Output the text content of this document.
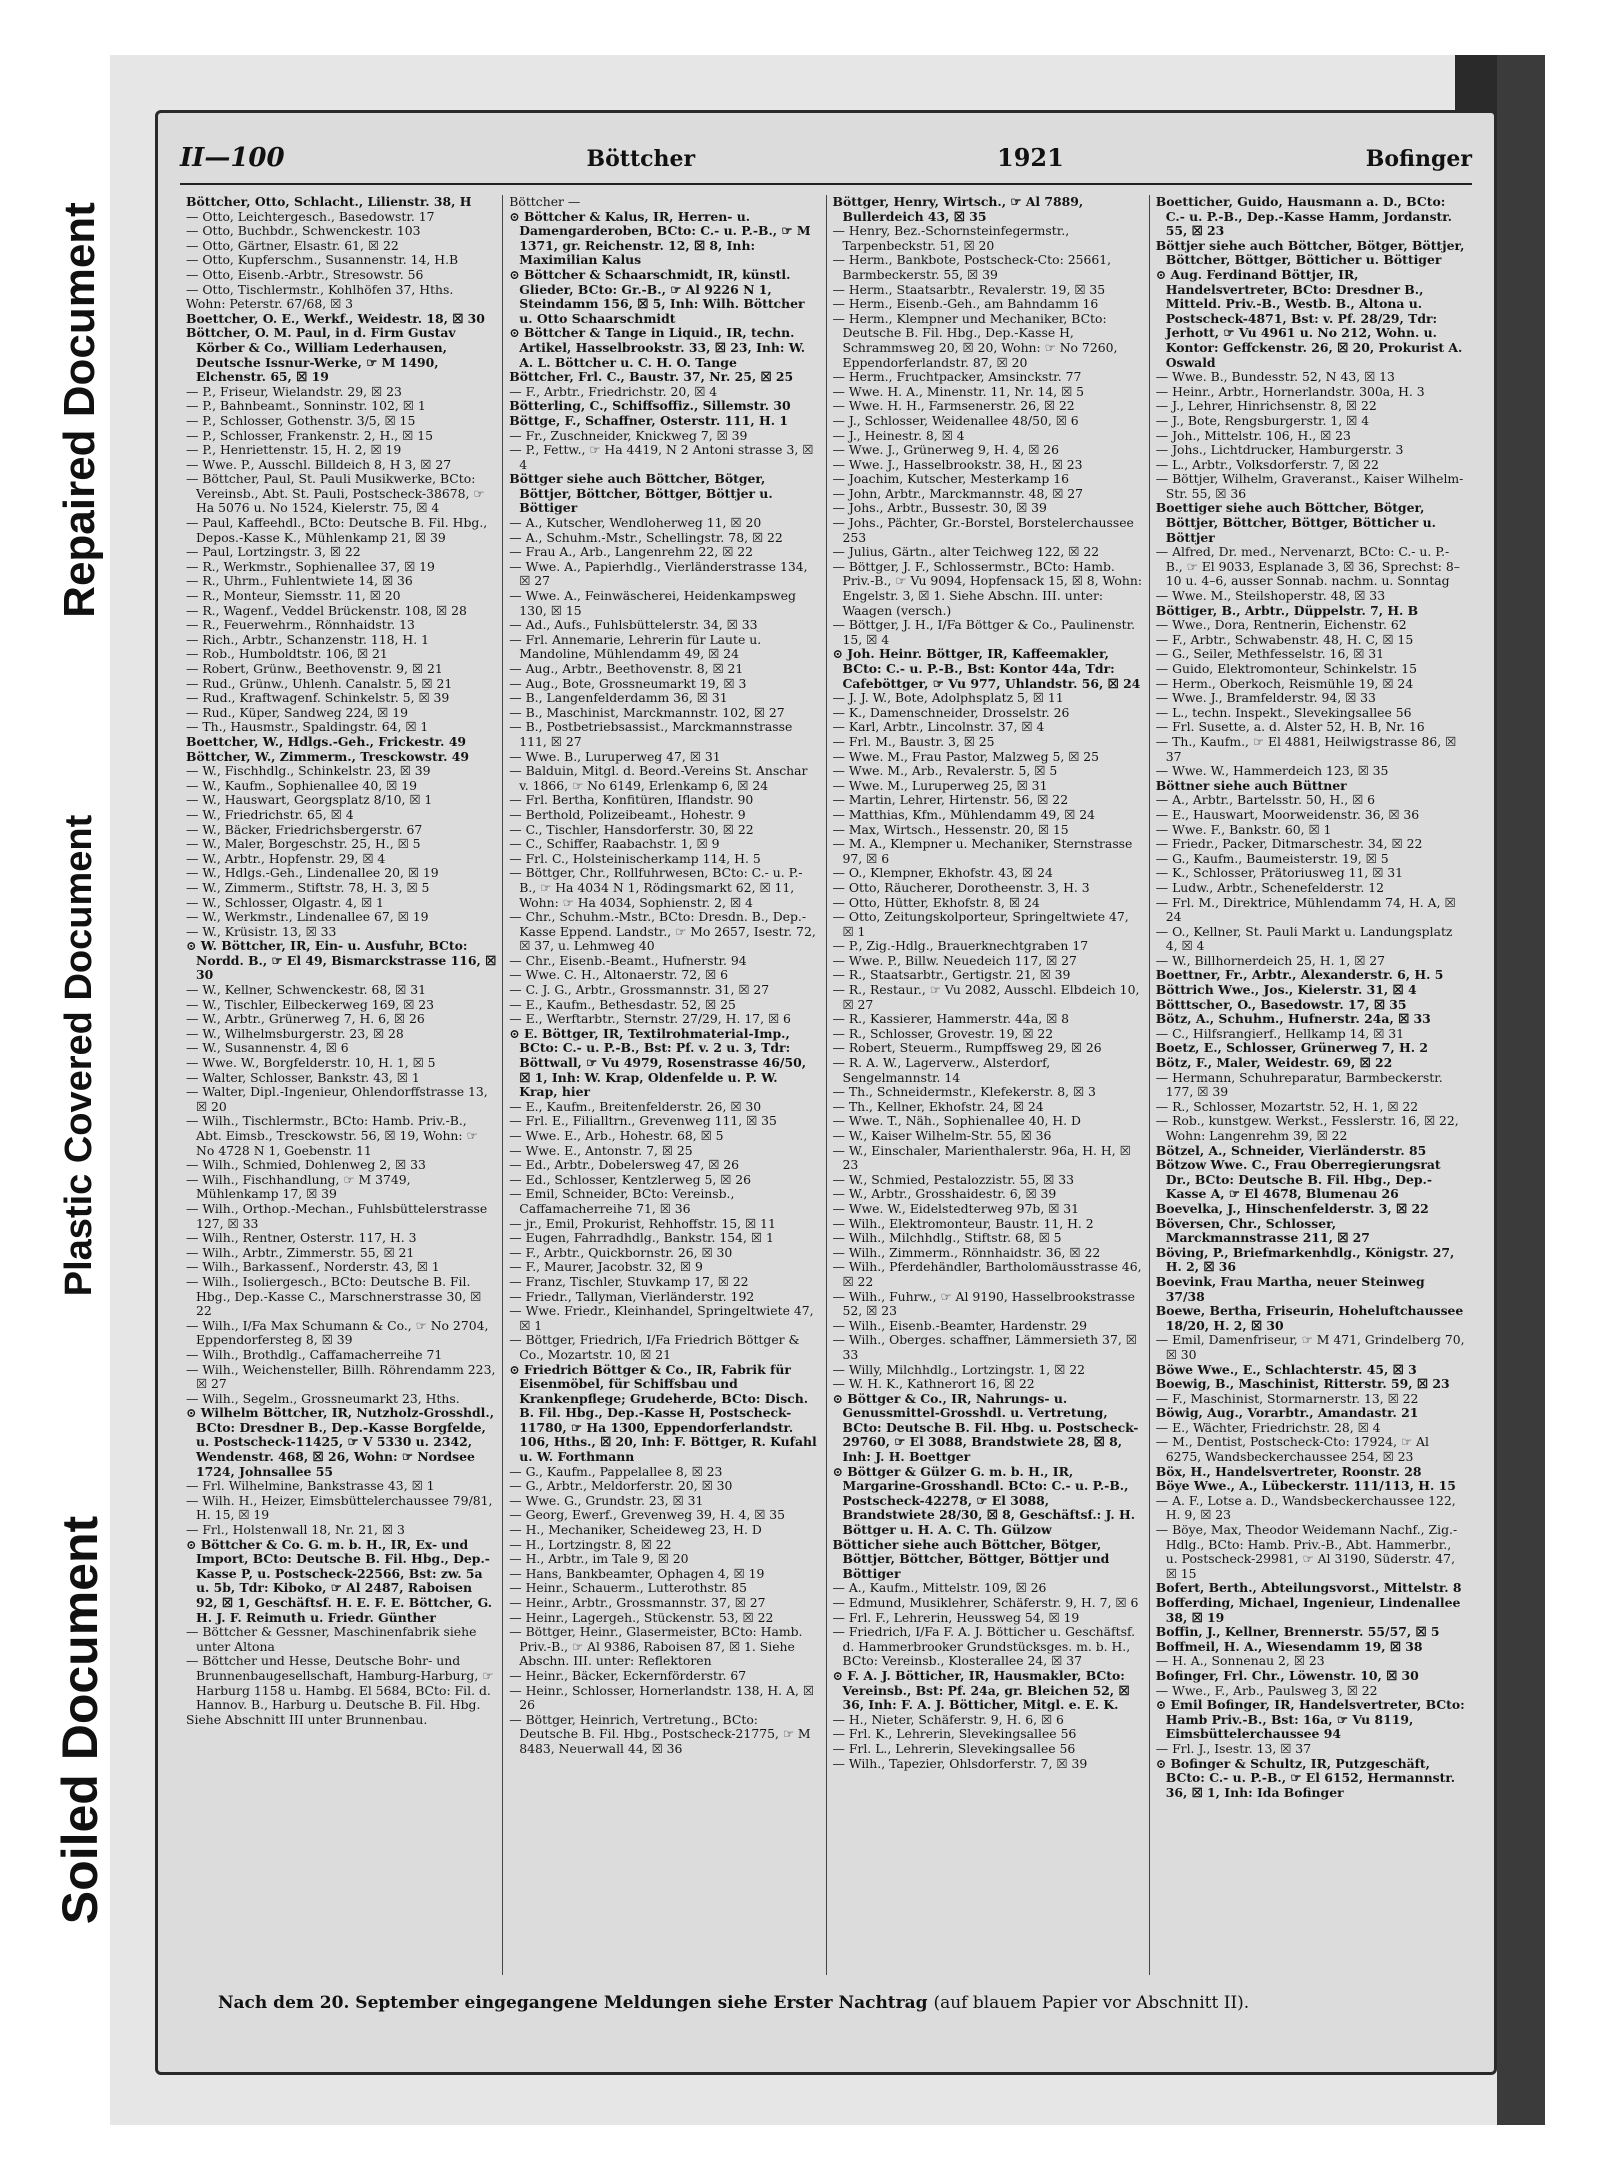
Repaired Document
Plastic Covered Document
Soiled Document
II—100	Böttcher	1921	Bofinger

Böttcher, Otto, Schlacht., Lilienstr. 38, H

— Otto, Leichtergesch., Basedowstr. 17

— Otto, Buchbdr., Schwenckestr. 103

— Otto, Gärtner, Elsastr. 61, ☒ 22

— Otto, Kupferschm., Susannenstr. 14, H.B

— Otto, Eisenb.-Arbtr., Stresowstr. 56

— Otto, Tischlermstr., Kohlhöfen 37, Hths.

Wohn: Peterstr. 67/68, ☒ 3

Boettcher, O. E., Werkf., Weidestr. 18, ☒ 30

Böttcher, O. M. Paul, in d. Firm Gustav Körber & Co., William Lederhausen, Deutsche Issnur-Werke, ☞ M 1490, Elchenstr. 65, ☒ 19

— P., Friseur, Wielandstr. 29, ☒ 23

— P., Bahnbeamt., Sonninstr. 102, ☒ 1

— P., Schlosser, Gothenstr. 3/5, ☒ 15

— P., Schlosser, Frankenstr. 2, H., ☒ 15

— P., Henriettenstr. 15, H. 2, ☒ 19

— Wwe. P., Ausschl. Billdeich 8, H 3, ☒ 27

— Böttcher, Paul, St. Pauli Musikwerke, BCto: Vereinsb., Abt. St. Pauli, Postscheck-38678, ☞ Ha 5076 u. No 1524, Kielerstr. 75, ☒ 4

— Paul, Kaffeehdl., BCto: Deutsche B. Fil. Hbg., Depos.-Kasse K., Mühlenkamp 21, ☒ 39

— Paul, Lortzingstr. 3, ☒ 22

— R., Werkmstr., Sophienallee 37, ☒ 19

— R., Uhrm., Fuhlentwiete 14, ☒ 36

— R., Monteur, Siemsstr. 11, ☒ 20

— R., Wagenf., Veddel Brückenstr. 108, ☒ 28

— R., Feuerwehrm., Rönnhaidstr. 13

— Rich., Arbtr., Schanzenstr. 118, H. 1

— Rob., Humboldtstr. 106, ☒ 21

— Robert, Grünw., Beethovenstr. 9, ☒ 21

— Rud., Grünw., Uhlenh. Canalstr. 5, ☒ 21

— Rud., Kraftwagenf. Schinkelstr. 5, ☒ 39

— Rud., Küper, Sandweg 224, ☒ 19

— Th., Hausmstr., Spaldingstr. 64, ☒ 1

Boettcher, W., Hdlgs.-Geh., Frickestr. 49

Böttcher, W., Zimmerm., Tresckowstr. 49

— W., Fischhdlg., Schinkelstr. 23, ☒ 39

— W., Kaufm., Sophienallee 40, ☒ 19

— W., Hauswart, Georgsplatz 8/10, ☒ 1

— W., Friedrichstr. 65, ☒ 4

— W., Bäcker, Friedrichsbergerstr. 67

— W., Maler, Borgeschstr. 25, H., ☒ 5

— W., Arbtr., Hopfenstr. 29, ☒ 4

— W., Hdlgs.-Geh., Lindenallee 20, ☒ 19

— W., Zimmerm., Stiftstr. 78, H. 3, ☒ 5

— W., Schlosser, Olgastr. 4, ☒ 1

— W., Werkmstr., Lindenallee 67, ☒ 19

— W., Krüsistr. 13, ☒ 33

⊙ W. Böttcher, IR, Ein- u. Ausfuhr, BCto: Nordd. B., ☞ El 49, Bismarckstrasse 116, ☒ 30

— W., Kellner, Schwenckestr. 68, ☒ 31

— W., Tischler, Eilbeckerweg 169, ☒ 23

— W., Arbtr., Grünerweg 7, H. 6, ☒ 26

— W., Wilhelmsburgerstr. 23, ☒ 28

— W., Susannenstr. 4, ☒ 6

— Wwe. W., Borgfelderstr. 10, H. 1, ☒ 5

— Walter, Schlosser, Bankstr. 43, ☒ 1

— Walter, Dipl.-Ingenieur, Ohlendorffstrasse 13, ☒ 20

— Wilh., Tischlermstr., BCto: Hamb. Priv.-B., Abt. Eimsb., Tresckowstr. 56, ☒ 19, Wohn: ☞ No 4728 N 1, Goebenstr. 11

— Wilh., Schmied, Dohlenweg 2, ☒ 33

— Wilh., Fischhandlung, ☞ M 3749, Mühlenkamp 17, ☒ 39

— Wilh., Orthop.-Mechan., Fuhlsbüttelerstrasse 127, ☒ 33

— Wilh., Rentner, Osterstr. 117, H. 3

— Wilh., Arbtr., Zimmerstr. 55, ☒ 21

— Wilh., Barkassenf., Norderstr. 43, ☒ 1

— Wilh., Isoliergesch., BCto: Deutsche B. Fil. Hbg., Dep.-Kasse C., Marschnerstrasse 30, ☒ 22

— Wilh., I/Fa Max Schumann & Co., ☞ No 2704, Eppendorfersteg 8, ☒ 39

— Wilh., Brothdlg., Caffamacherreihe 71

— Wilh., Weichensteller, Billh. Röhrendamm 223, ☒ 27

— Wilh., Segelm., Grossneumarkt 23, Hths.

⊙ Wilhelm Böttcher, IR, Nutzholz-Grosshdl., BCto: Dresdner B., Dep.-Kasse Borgfelde, u. Postscheck-11425, ☞ V 5330 u. 2342, Wendenstr. 468, ☒ 26, Wohn: ☞ Nordsee 1724, Johnsallee 55

— Frl. Wilhelmine, Bankstrasse 43, ☒ 1

— Wilh. H., Heizer, Eimsbüttelerchaussee 79/81, H. 15, ☒ 19

— Frl., Holstenwall 18, Nr. 21, ☒ 3

⊙ Böttcher & Co. G. m. b. H., IR, Ex- und Import, BCto: Deutsche B. Fil. Hbg., Dep.-Kasse P, u. Postscheck-22566, Bst: zw. 5a u. 5b, Tdr: Kiboko, ☞ Al 2487, Raboisen 92, ☒ 1, Geschäftsf. H. E. F. E. Böttcher, G. H. J. F. Reimuth u. Friedr. Günther

— Böttcher & Gessner, Maschinenfabrik siehe unter Altona

— Böttcher und Hesse, Deutsche Bohr- und Brunnenbaugesellschaft, Hamburg-Harburg, ☞ Harburg 1158 u. Hambg. El 5684, BCto: Fil. d. Hannov. B., Harburg u. Deutsche B. Fil. Hbg.

Siehe Abschnitt III unter Brunnenbau.

Böttcher —

⊙ Böttcher & Kalus, IR, Herren- u. Damengarderoben, BCto: C.- u. P.-B., ☞ M 1371, gr. Reichenstr. 12, ☒ 8, Inh: Maximilian Kalus

⊙ Böttcher & Schaarschmidt, IR, künstl. Glieder, BCto: Gr.-B., ☞ Al 9226 N 1, Steindamm 156, ☒ 5, Inh: Wilh. Böttcher u. Otto Schaarschmidt

⊙ Böttcher & Tange in Liquid., IR, techn. Artikel, Hasselbrookstr. 33, ☒ 23, Inh: W. A. L. Böttcher u. C. H. O. Tange

Böttcher, Frl. C., Baustr. 37, Nr. 25, ☒ 25

— F., Arbtr., Friedrichstr. 20, ☒ 4

Bötterling, C., Schiffsoffiz., Sillemstr. 30

Böttge, F., Schaffner, Osterstr. 111, H. 1

— Fr., Zuschneider, Knickweg 7, ☒ 39

— P., Fettw., ☞ Ha 4419, N 2 Antoni strasse 3, ☒ 4

Böttger siehe auch Böttcher, Bötger, Böttjer, Böttcher, Böttger, Böttjer u. Böttiger

— A., Kutscher, Wendloherweg 11, ☒ 20

— A., Schuhm.-Mstr., Schellingstr. 78, ☒ 22

— Frau A., Arb., Langenrehm 22, ☒ 22

— Wwe. A., Papierhdlg., Vierländerstrasse 134, ☒ 27

— Wwe. A., Feinwäscherei, Heidenkampsweg 130, ☒ 15

— Ad., Aufs., Fuhlsbüttelerstr. 34, ☒ 33

— Frl. Annemarie, Lehrerin für Laute u. Mandoline, Mühlendamm 49, ☒ 24

— Aug., Arbtr., Beethovenstr. 8, ☒ 21

— Aug., Bote, Grossneumarkt 19, ☒ 3

— B., Langenfelderdamm 36, ☒ 31

— B., Maschinist, Marckmannstr. 102, ☒ 27

— B., Postbetriebsassist., Marckmannstrasse 111, ☒ 27

— Wwe. B., Luruperweg 47, ☒ 31

— Balduin, Mitgl. d. Beord.-Vereins St. Anschar v. 1866, ☞ No 6149, Erlenkamp 6, ☒ 24

— Frl. Bertha, Konfitüren, Iflandstr. 90

— Berthold, Polizeibeamt., Hohestr. 9

— C., Tischler, Hansdorferstr. 30, ☒ 22

— C., Schiffer, Raabachstr. 1, ☒ 9

— Frl. C., Holsteinischerkamp 114, H. 5

— Böttger, Chr., Rollfuhrwesen, BCto: C.- u. P.-B., ☞ Ha 4034 N 1, Rödingsmarkt 62, ☒ 11, Wohn: ☞ Ha 4034, Sophienstr. 2, ☒ 4

— Chr., Schuhm.-Mstr., BCto: Dresdn. B., Dep.-Kasse Eppend. Landstr., ☞ Mo 2657, Isestr. 72, ☒ 37, u. Lehmweg 40

— Chr., Eisenb.-Beamt., Hufnerstr. 94

— Wwe. C. H., Altonaerstr. 72, ☒ 6

— C. J. G., Arbtr., Grossmannstr. 31, ☒ 27

— E., Kaufm., Bethesdastr. 52, ☒ 25

— E., Werftarbtr., Sternstr. 27/29, H. 17, ☒ 6

⊙ E. Böttger, IR, Textilrohmaterial-Imp., BCto: C.- u. P.-B., Bst: Pf. v. 2 u. 3, Tdr: Böttwall, ☞ Vu 4979, Rosenstrasse 46/50, ☒ 1, Inh: W. Krap, Oldenfelde u. P. W. Krap, hier

— E., Kaufm., Breitenfelderstr. 26, ☒ 30

— Frl. E., Filialltrn., Grevenweg 111, ☒ 35

— Wwe. E., Arb., Hohestr. 68, ☒ 5

— Wwe. E., Antonstr. 7, ☒ 25

— Ed., Arbtr., Dobelersweg 47, ☒ 26

— Ed., Schlosser, Kentzlerweg 5, ☒ 26

— Emil, Schneider, BCto: Vereinsb., Caffamacherreihe 71, ☒ 36

— jr., Emil, Prokurist, Rehhoffstr. 15, ☒ 11

— Eugen, Fahrradhdlg., Bankstr. 154, ☒ 1

— F., Arbtr., Quickbornstr. 26, ☒ 30

— F., Maurer, Jacobstr. 32, ☒ 9

— Franz, Tischler, Stuvkamp 17, ☒ 22

— Friedr., Tallyman, Vierländerstr. 192

— Wwe. Friedr., Kleinhandel, Springeltwiete 47, ☒ 1

— Böttger, Friedrich, I/Fa Friedrich Böttger & Co., Mozartstr. 10, ☒ 21

⊙ Friedrich Böttger & Co., IR, Fabrik für Eisenmöbel, für Schiffsbau und Krankenpflege; Grudeherde, BCto: Disch. B. Fil. Hbg., Dep.-Kasse H, Postscheck-11780, ☞ Ha 1300, Eppendorferlandstr. 106, Hths., ☒ 20, Inh: F. Böttger, R. Kufahl u. W. Forthmann

— G., Kaufm., Pappelallee 8, ☒ 23

— G., Arbtr., Meldorferstr. 20, ☒ 30

— Wwe. G., Grundstr. 23, ☒ 31

— Georg, Ewerf., Grevenweg 39, H. 4, ☒ 35

— H., Mechaniker, Scheideweg 23, H. D

— H., Lortzingstr. 8, ☒ 22

— H., Arbtr., im Tale 9, ☒ 20

— Hans, Bankbeamter, Ophagen 4, ☒ 19

— Heinr., Schauerm., Lutterothstr. 85

— Heinr., Arbtr., Grossmannstr. 37, ☒ 27

— Heinr., Lagergeh., Stückenstr. 53, ☒ 22

— Böttger, Heinr., Glasermeister, BCto: Hamb. Priv.-B., ☞ Al 9386, Raboisen 87, ☒ 1. Siehe Abschn. III. unter: Reflektoren

— Heinr., Bäcker, Eckernförderstr. 67

— Heinr., Schlosser, Hornerlandstr. 138, H. A, ☒ 26

— Böttger, Heinrich, Vertretung., BCto: Deutsche B. Fil. Hbg., Postscheck-21775, ☞ M 8483, Neuerwall 44, ☒ 36

Böttger, Henry, Wirtsch., ☞ Al 7889, Bullerdeich 43, ☒ 35

— Henry, Bez.-Schornsteinfegermstr., Tarpenbeckstr. 51, ☒ 20

— Herm., Bankbote, Postscheck-Cto: 25661, Barmbeckerstr. 55, ☒ 39

— Herm., Staatsarbtr., Revalerstr. 19, ☒ 35

— Herm., Eisenb.-Geh., am Bahndamm 16

— Herm., Klempner und Mechaniker, BCto: Deutsche B. Fil. Hbg., Dep.-Kasse H, Schrammsweg 20, ☒ 20, Wohn: ☞ No 7260, Eppendorferlandstr. 87, ☒ 20

— Herm., Fruchtpacker, Amsinckstr. 77

— Wwe. H. A., Minenstr. 11, Nr. 14, ☒ 5

— Wwe. H. H., Farmsenerstr. 26, ☒ 22

— J., Schlosser, Weidenallee 48/50, ☒ 6

— J., Heinestr. 8, ☒ 4

— Wwe. J., Grünerweg 9, H. 4, ☒ 26

— Wwe. J., Hasselbrookstr. 38, H., ☒ 23

— Joachim, Kutscher, Mesterkamp 16

— John, Arbtr., Marckmannstr. 48, ☒ 27

— Johs., Arbtr., Bussestr. 30, ☒ 39

— Johs., Pächter, Gr.-Borstel, Borstelerchaussee 253

— Julius, Gärtn., alter Teichweg 122, ☒ 22

— Böttger, J. F., Schlossermstr., BCto: Hamb. Priv.-B., ☞ Vu 9094, Hopfensack 15, ☒ 8, Wohn: Engelstr. 3, ☒ 1. Siehe Abschn. III. unter: Waagen (versch.)

— Böttger, J. H., I/Fa Böttger & Co., Paulinenstr. 15, ☒ 4

⊙ Joh. Heinr. Böttger, IR, Kaffeemakler, BCto: C.- u. P.-B., Bst: Kontor 44a, Tdr: Cafeböttger, ☞ Vu 977, Uhlandstr. 56, ☒ 24

— J. J. W., Bote, Adolphsplatz 5, ☒ 11

— K., Damenschneider, Drosselstr. 26

— Karl, Arbtr., Lincolnstr. 37, ☒ 4

— Frl. M., Baustr. 3, ☒ 25

— Wwe. M., Frau Pastor, Malzweg 5, ☒ 25

— Wwe. M., Arb., Revalerstr. 5, ☒ 5

— Wwe. M., Luruperweg 25, ☒ 31

— Martin, Lehrer, Hirtenstr. 56, ☒ 22

— Matthias, Kfm., Mühlendamm 49, ☒ 24

— Max, Wirtsch., Hessenstr. 20, ☒ 15

— M. A., Klempner u. Mechaniker, Sternstrasse 97, ☒ 6

— O., Klempner, Ekhofstr. 43, ☒ 24

— Otto, Räucherer, Dorotheenstr. 3, H. 3

— Otto, Hütter, Ekhofstr. 8, ☒ 24

— Otto, Zeitungskolporteur, Springeltwiete 47, ☒ 1

— P., Zig.-Hdlg., Brauerknechtgraben 17

— Wwe. P., Billw. Neuedeich 117, ☒ 27

— R., Staatsarbtr., Gertigstr. 21, ☒ 39

— R., Restaur., ☞ Vu 2082, Ausschl. Elbdeich 10, ☒ 27

— R., Kassierer, Hammerstr. 44a, ☒ 8

— R., Schlosser, Grovestr. 19, ☒ 22

— Robert, Steuerm., Rumpffsweg 29, ☒ 26

— R. A. W., Lagerverw., Alsterdorf, Sengelmannstr. 14

— Th., Schneidermstr., Klefekerstr. 8, ☒ 3

— Th., Kellner, Ekhofstr. 24, ☒ 24

— Wwe. T., Näh., Sophienallee 40, H. D

— W., Kaiser Wilhelm-Str. 55, ☒ 36

— W., Einschaler, Marienthalerstr. 96a, H. H, ☒ 23

— W., Schmied, Pestalozzistr. 55, ☒ 33

— W., Arbtr., Grosshaidestr. 6, ☒ 39

— Wwe. W., Eidelstedterweg 97b, ☒ 31

— Wilh., Elektromonteur, Baustr. 11, H. 2

— Wilh., Milchhdlg., Stiftstr. 68, ☒ 5

— Wilh., Zimmerm., Rönnhaidstr. 36, ☒ 22

— Wilh., Pferdehändler, Bartholomäusstrasse 46, ☒ 22

— Wilh., Fuhrw., ☞ Al 9190, Hasselbrookstrasse 52, ☒ 23

— Wilh., Eisenb.-Beamter, Hardenstr. 29

— Wilh., Oberges. schaffner, Lämmersieth 37, ☒ 33

— Willy, Milchhdlg., Lortzingstr. 1, ☒ 22

— W. H. K., Kathnerort 16, ☒ 22

⊙ Böttger & Co., IR, Nahrungs- u. Genussmittel-Grosshdl. u. Vertretung, BCto: Deutsche B. Fil. Hbg. u. Postscheck-29760, ☞ El 3088, Brandstwiete 28, ☒ 8, Inh: J. H. Boettger

⊙ Böttger & Gülzer G. m. b. H., IR, Margarine-Grosshandl. BCto: C.- u. P.-B., Postscheck-42278, ☞ El 3088, Brandstwiete 28/30, ☒ 8, Geschäftsf.: J. H. Böttger u. H. A. C. Th. Gülzow

Bötticher siehe auch Böttcher, Bötger, Böttjer, Böttcher, Böttger, Böttjer und Böttiger

— A., Kaufm., Mittelstr. 109, ☒ 26

— Edmund, Musiklehrer, Schäferstr. 9, H. 7, ☒ 6

— Frl. F., Lehrerin, Heussweg 54, ☒ 19

— Friedrich, I/Fa F. A. J. Bötticher u. Geschäftsf. d. Hammerbrooker Grundstücksges. m. b. H., BCto: Vereinsb., Klosterallee 24, ☒ 37

⊙ F. A. J. Bötticher, IR, Hausmakler, BCto: Vereinsb., Bst: Pf. 24a, gr. Bleichen 52, ☒ 36, Inh: F. A. J. Bötticher, Mitgl. e. E. K.

— H., Nieter, Schäferstr. 9, H. 6, ☒ 6

— Frl. K., Lehrerin, Slevekingsallee 56

— Frl. L., Lehrerin, Slevekingsallee 56

— Wilh., Tapezier, Ohlsdorferstr. 7, ☒ 39

Boetticher, Guido, Hausmann a. D., BCto: C.- u. P.-B., Dep.-Kasse Hamm, Jordanstr. 55, ☒ 23

Böttjer siehe auch Böttcher, Bötger, Böttjer, Böttcher, Böttger, Bötticher u. Böttiger

⊙ Aug. Ferdinand Böttjer, IR, Handelsvertreter, BCto: Dresdner B., Mitteld. Priv.-B., Westb. B., Altona u. Postscheck-4871, Bst: v. Pf. 28/29, Tdr: Jerhott, ☞ Vu 4961 u. No 212, Wohn. u. Kontor: Geffckenstr. 26, ☒ 20, Prokurist A. Oswald

— Wwe. B., Bundesstr. 52, N 43, ☒ 13

— Heinr., Arbtr., Hornerlandstr. 300a, H. 3

— J., Lehrer, Hinrichsenstr. 8, ☒ 22

— J., Bote, Rengsburgerstr. 1, ☒ 4

— Joh., Mittelstr. 106, H., ☒ 23

— Johs., Lichtdrucker, Hamburgerstr. 3

— L., Arbtr., Volksdorferstr. 7, ☒ 22

— Böttjer, Wilhelm, Graveranst., Kaiser Wilhelm-Str. 55, ☒ 36

Boettiger siehe auch Böttcher, Bötger, Böttjer, Böttcher, Böttger, Bötticher u. Böttjer

— Alfred, Dr. med., Nervenarzt, BCto: C.- u. P.-B., ☞ El 9033, Esplanade 3, ☒ 36, Sprechst: 8–10 u. 4–6, ausser Sonnab. nachm. u. Sonntag

— Wwe. M., Steilshoperstr. 48, ☒ 33

Böttiger, B., Arbtr., Düppelstr. 7, H. B

— Wwe., Dora, Rentnerin, Eichenstr. 62

— F., Arbtr., Schwabenstr. 48, H. C, ☒ 15

— G., Seiler, Methfesselstr. 16, ☒ 31

— Guido, Elektromonteur, Schinkelstr. 15

— Herm., Oberkoch, Reismühle 19, ☒ 24

— Wwe. J., Bramfelderstr. 94, ☒ 33

— L., techn. Inspekt., Slevekingsallee 56

— Frl. Susette, a. d. Alster 52, H. B, Nr. 16

— Th., Kaufm., ☞ El 4881, Heilwigstrasse 86, ☒ 37

— Wwe. W., Hammerdeich 123, ☒ 35

Böttner siehe auch Büttner

— A., Arbtr., Bartelsstr. 50, H., ☒ 6

— E., Hauswart, Moorweidenstr. 36, ☒ 36

— Wwe. F., Bankstr. 60, ☒ 1

— Friedr., Packer, Ditmarschestr. 34, ☒ 22

— G., Kaufm., Baumeisterstr. 19, ☒ 5

— K., Schlosser, Prätoriusweg 11, ☒ 31

— Ludw., Arbtr., Schenefelderstr. 12

— Frl. M., Direktrice, Mühlendamm 74, H. A, ☒ 24

— O., Kellner, St. Pauli Markt u. Landungsplatz 4, ☒ 4

— W., Billhornerdeich 25, H. 1, ☒ 27

Boettner, Fr., Arbtr., Alexanderstr. 6, H. 5

Böttrich Wwe., Jos., Kielerstr. 31, ☒ 4

Bötttscher, O., Basedowstr. 17, ☒ 35

Bötz, A., Schuhm., Hufnerstr. 24a, ☒ 33

— C., Hilfsrangierf., Hellkamp 14, ☒ 31

Boetz, E., Schlosser, Grünerweg 7, H. 2

Bötz, F., Maler, Weidestr. 69, ☒ 22

— Hermann, Schuhreparatur, Barmbeckerstr. 177, ☒ 39

— R., Schlosser, Mozartstr. 52, H. 1, ☒ 22

— Rob., kunstgew. Werkst., Fesslerstr. 16, ☒ 22, Wohn: Langenrehm 39, ☒ 22

Bötzel, A., Schneider, Vierländerstr. 85

Bötzow Wwe. C., Frau Oberregierungsrat Dr., BCto: Deutsche B. Fil. Hbg., Dep.-Kasse A, ☞ El 4678, Blumenau 26

Boevelka, J., Hinschenfelderstr. 3, ☒ 22

Böversen, Chr., Schlosser, Marckmannstrasse 211, ☒ 27

Böving, P., Briefmarkenhdlg., Königstr. 27, H. 2, ☒ 36

Boevink, Frau Martha, neuer Steinweg 37/38

Boewe, Bertha, Friseurin, Hoheluftchaussee 18/20, H. 2, ☒ 30

— Emil, Damenfriseur, ☞ M 471, Grindelberg 70, ☒ 30

Böwe Wwe., E., Schlachterstr. 45, ☒ 3

Boewig, B., Maschinist, Ritterstr. 59, ☒ 23

— F., Maschinist, Stormarnerstr. 13, ☒ 22

Böwig, Aug., Vorarbtr., Amandastr. 21

— E., Wächter, Friedrichstr. 28, ☒ 4

— M., Dentist, Postscheck-Cto: 17924, ☞ Al 6275, Wandsbeckerchaussee 254, ☒ 23

Böx, H., Handelsvertreter, Roonstr. 28

Böye Wwe., A., Lübeckerstr. 111/113, H. 15

— A. F., Lotse a. D., Wandsbeckerchaussee 122, H. 9, ☒ 23

— Böye, Max, Theodor Weidemann Nachf., Zig.-Hdlg., BCto: Hamb. Priv.-B., Abt. Hammerbr., u. Postscheck-29981, ☞ Al 3190, Süderstr. 47, ☒ 15

Bofert, Berth., Abteilungsvorst., Mittelstr. 8

Bofferding, Michael, Ingenieur, Lindenallee 38, ☒ 19

Boffin, J., Kellner, Brennerstr. 55/57, ☒ 5

Boffmeil, H. A., Wiesendamm 19, ☒ 38

— H. A., Sonnenau 2, ☒ 23

Bofinger, Frl. Chr., Löwenstr. 10, ☒ 30

— Wwe., F., Arb., Paulsweg 3, ☒ 22

⊙ Emil Bofinger, IR, Handelsvertreter, BCto: Hamb Priv.-B., Bst: 16a, ☞ Vu 8119, Eimsbüttelerchaussee 94

— Frl. J., Isestr. 13, ☒ 37

⊙ Bofinger & Schultz, IR, Putzgeschäft, BCto: C.- u. P.-B., ☞ El 6152, Hermannstr. 36, ☒ 1, Inh: Ida Bofinger

Nach dem 20. September eingegangene Meldungen siehe Erster Nachtrag (auf blauem Papier vor Abschnitt II).
